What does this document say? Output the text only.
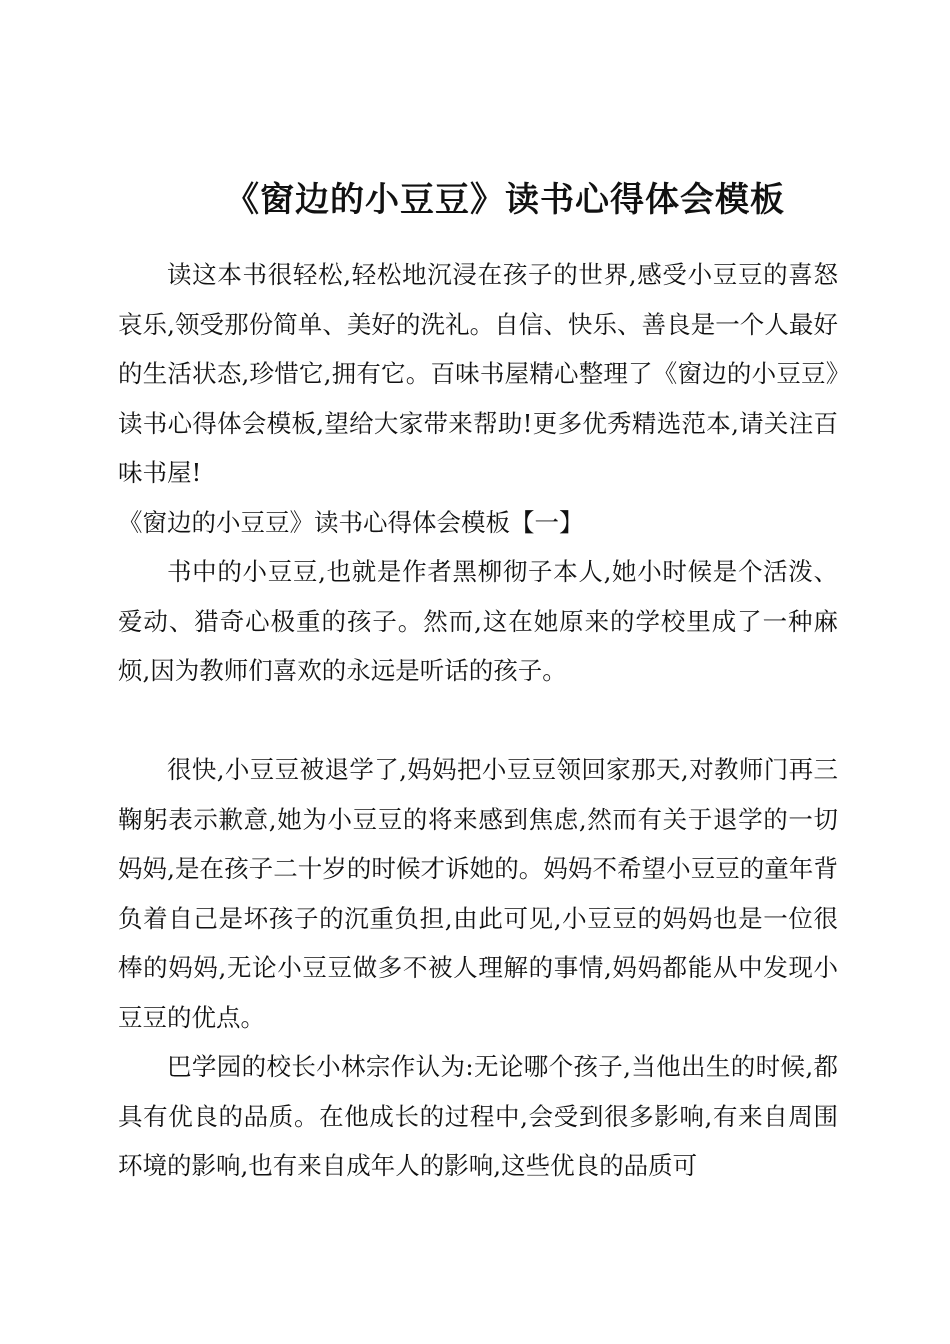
《窗边的小豆豆》读书心得体会模板

读这本书很轻松,轻松地沉浸在孩子的世界,感受小豆豆的喜怒哀乐,领受那份简单、美好的洗礼。自信、快乐、善良是一个人最好的生活状态,珍惜它,拥有它。百味书屋精心整理了《窗边的小豆豆》读书心得体会模板,望给大家带来帮助!更多优秀精选范本,请关注百味书屋!

《窗边的小豆豆》读书心得体会模板【一】

书中的小豆豆,也就是作者黑柳彻子本人,她小时候是个活泼、爱动、猎奇心极重的孩子。然而,这在她原来的学校里成了一种麻烦,因为教师们喜欢的永远是听话的孩子。

很快,小豆豆被退学了,妈妈把小豆豆领回家那天,对教师门再三鞠躬表示歉意,她为小豆豆的将来感到焦虑,然而有关于退学的一切妈妈,是在孩子二十岁的时候才诉她的。妈妈不希望小豆豆的童年背负着自己是坏孩子的沉重负担,由此可见,小豆豆的妈妈也是一位很棒的妈妈,无论小豆豆做多不被人理解的事情,妈妈都能从中发现小豆豆的优点。

巴学园的校长小林宗作认为:无论哪个孩子,当他出生的时候,都具有优良的品质。在他成长的过程中,会受到很多影响,有来自周围环境的影响,也有来自成年人的影响,这些优良的品质可
